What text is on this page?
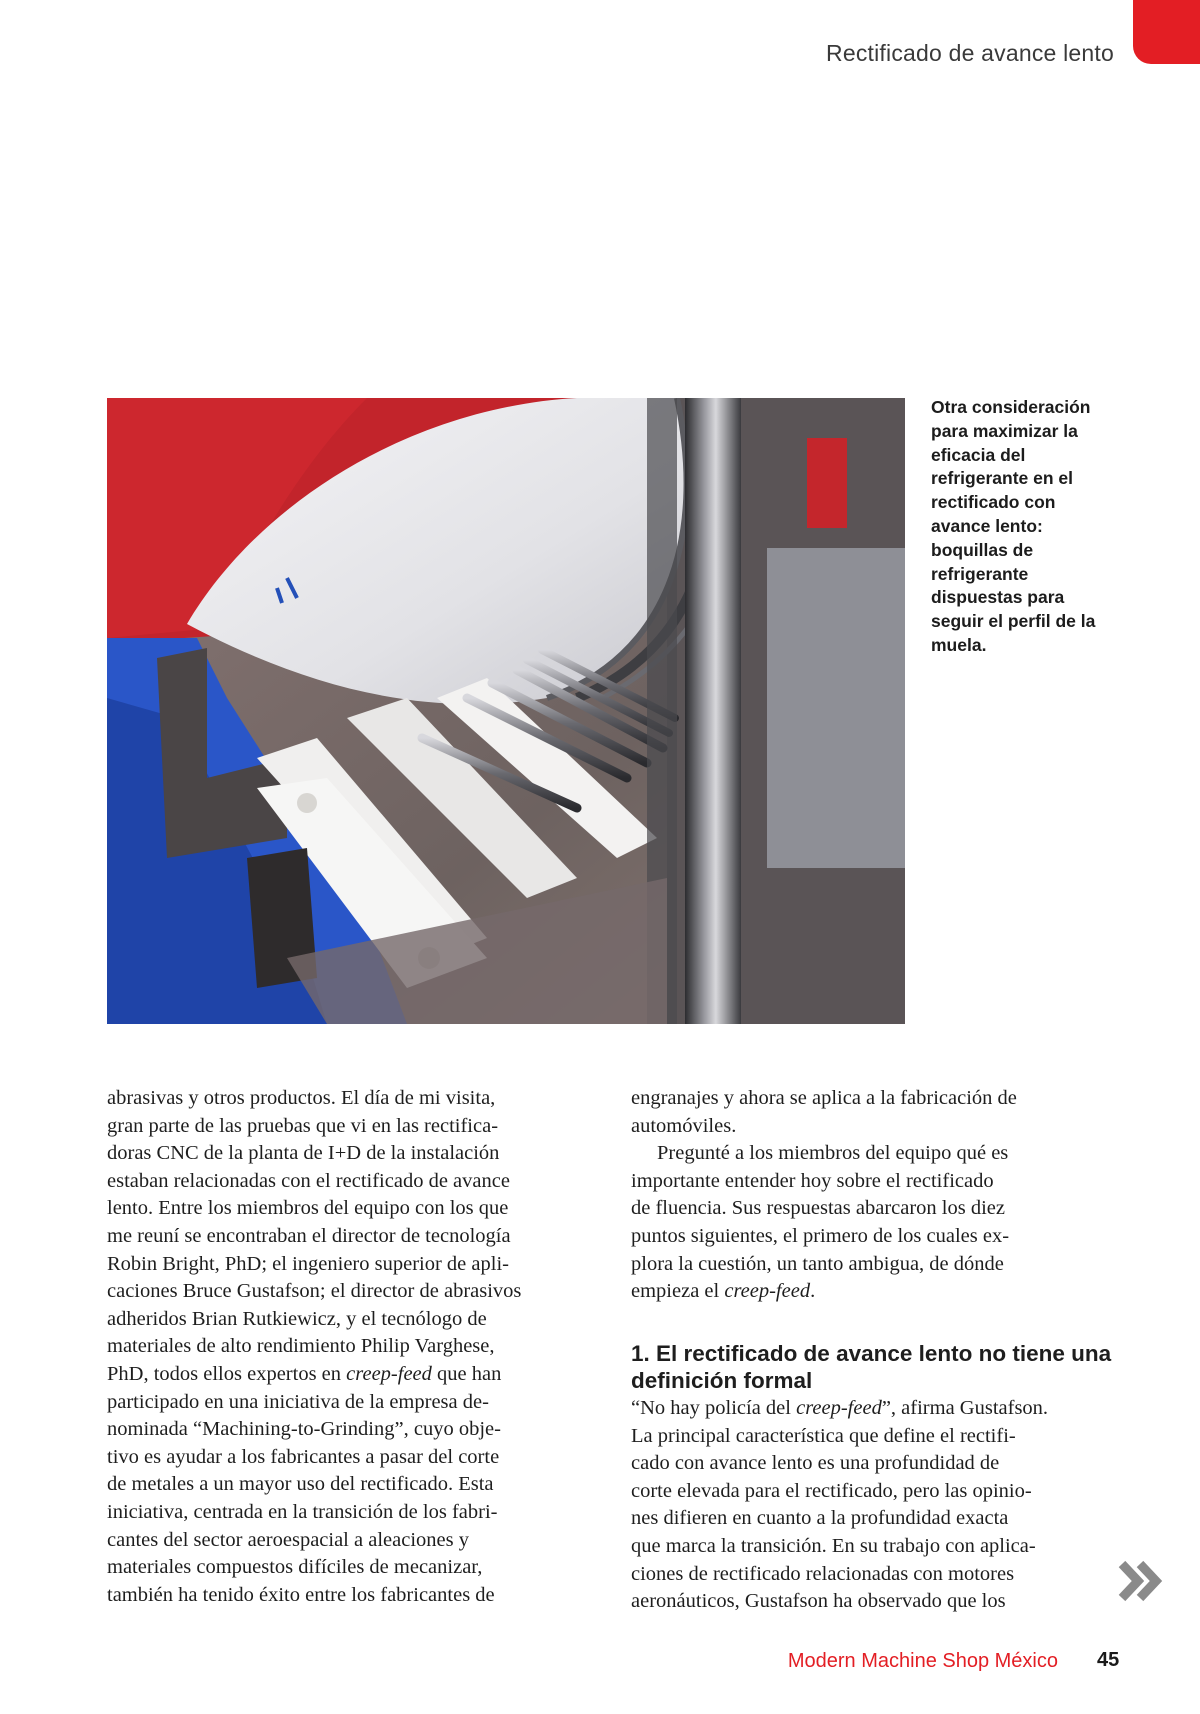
Rectificado de avance lento

Otra consideración
para maximizar la
eficacia del
refrigerante en el
rectificado con
avance lento:
boquillas de
refrigerante
dispuestas para
seguir el perfil de la
muela.

abrasivas y otros productos. El día de mi visita,
gran parte de las pruebas que vi en las rectifica-
doras CNC de la planta de I+D de la instalación
estaban relacionadas con el rectificado de avance
lento. Entre los miembros del equipo con los que
me reuní se encontraban el director de tecnología
Robin Bright, PhD; el ingeniero superior de apli-
caciones Bruce Gustafson; el director de abrasivos
adheridos Brian Rutkiewicz, y el tecnólogo de
materiales de alto rendimiento Philip Varghese,
PhD, todos ellos expertos en creep-feed que han
participado en una iniciativa de la empresa de-
nominada “Machining-to-Grinding”, cuyo obje-
tivo es ayudar a los fabricantes a pasar del corte
de metales a un mayor uso del rectificado. Esta
iniciativa, centrada en la transición de los fabri-
cantes del sector aeroespacial a aleaciones y
materiales compuestos difíciles de mecanizar,
también ha tenido éxito entre los fabricantes de

engranajes y ahora se aplica a la fabricación de
automóviles.

Pregunté a los miembros del equipo qué es
importante entender hoy sobre el rectificado
de fluencia. Sus respuestas abarcaron los diez
puntos siguientes, el primero de los cuales ex-
plora la cuestión, un tanto ambigua, de dónde
empieza el creep-feed.

1. El rectificado de avance lento no tiene una
definición formal

“No hay policía del creep-feed”, afirma Gustafson.
La principal característica que define el rectifi-
cado con avance lento es una profundidad de
corte elevada para el rectificado, pero las opinio-
nes difieren en cuanto a la profundidad exacta
que marca la transición. En su trabajo con aplica-
ciones de rectificado relacionadas con motores
aeronáuticos, Gustafson ha observado que los

Modern Machine Shop México 45
